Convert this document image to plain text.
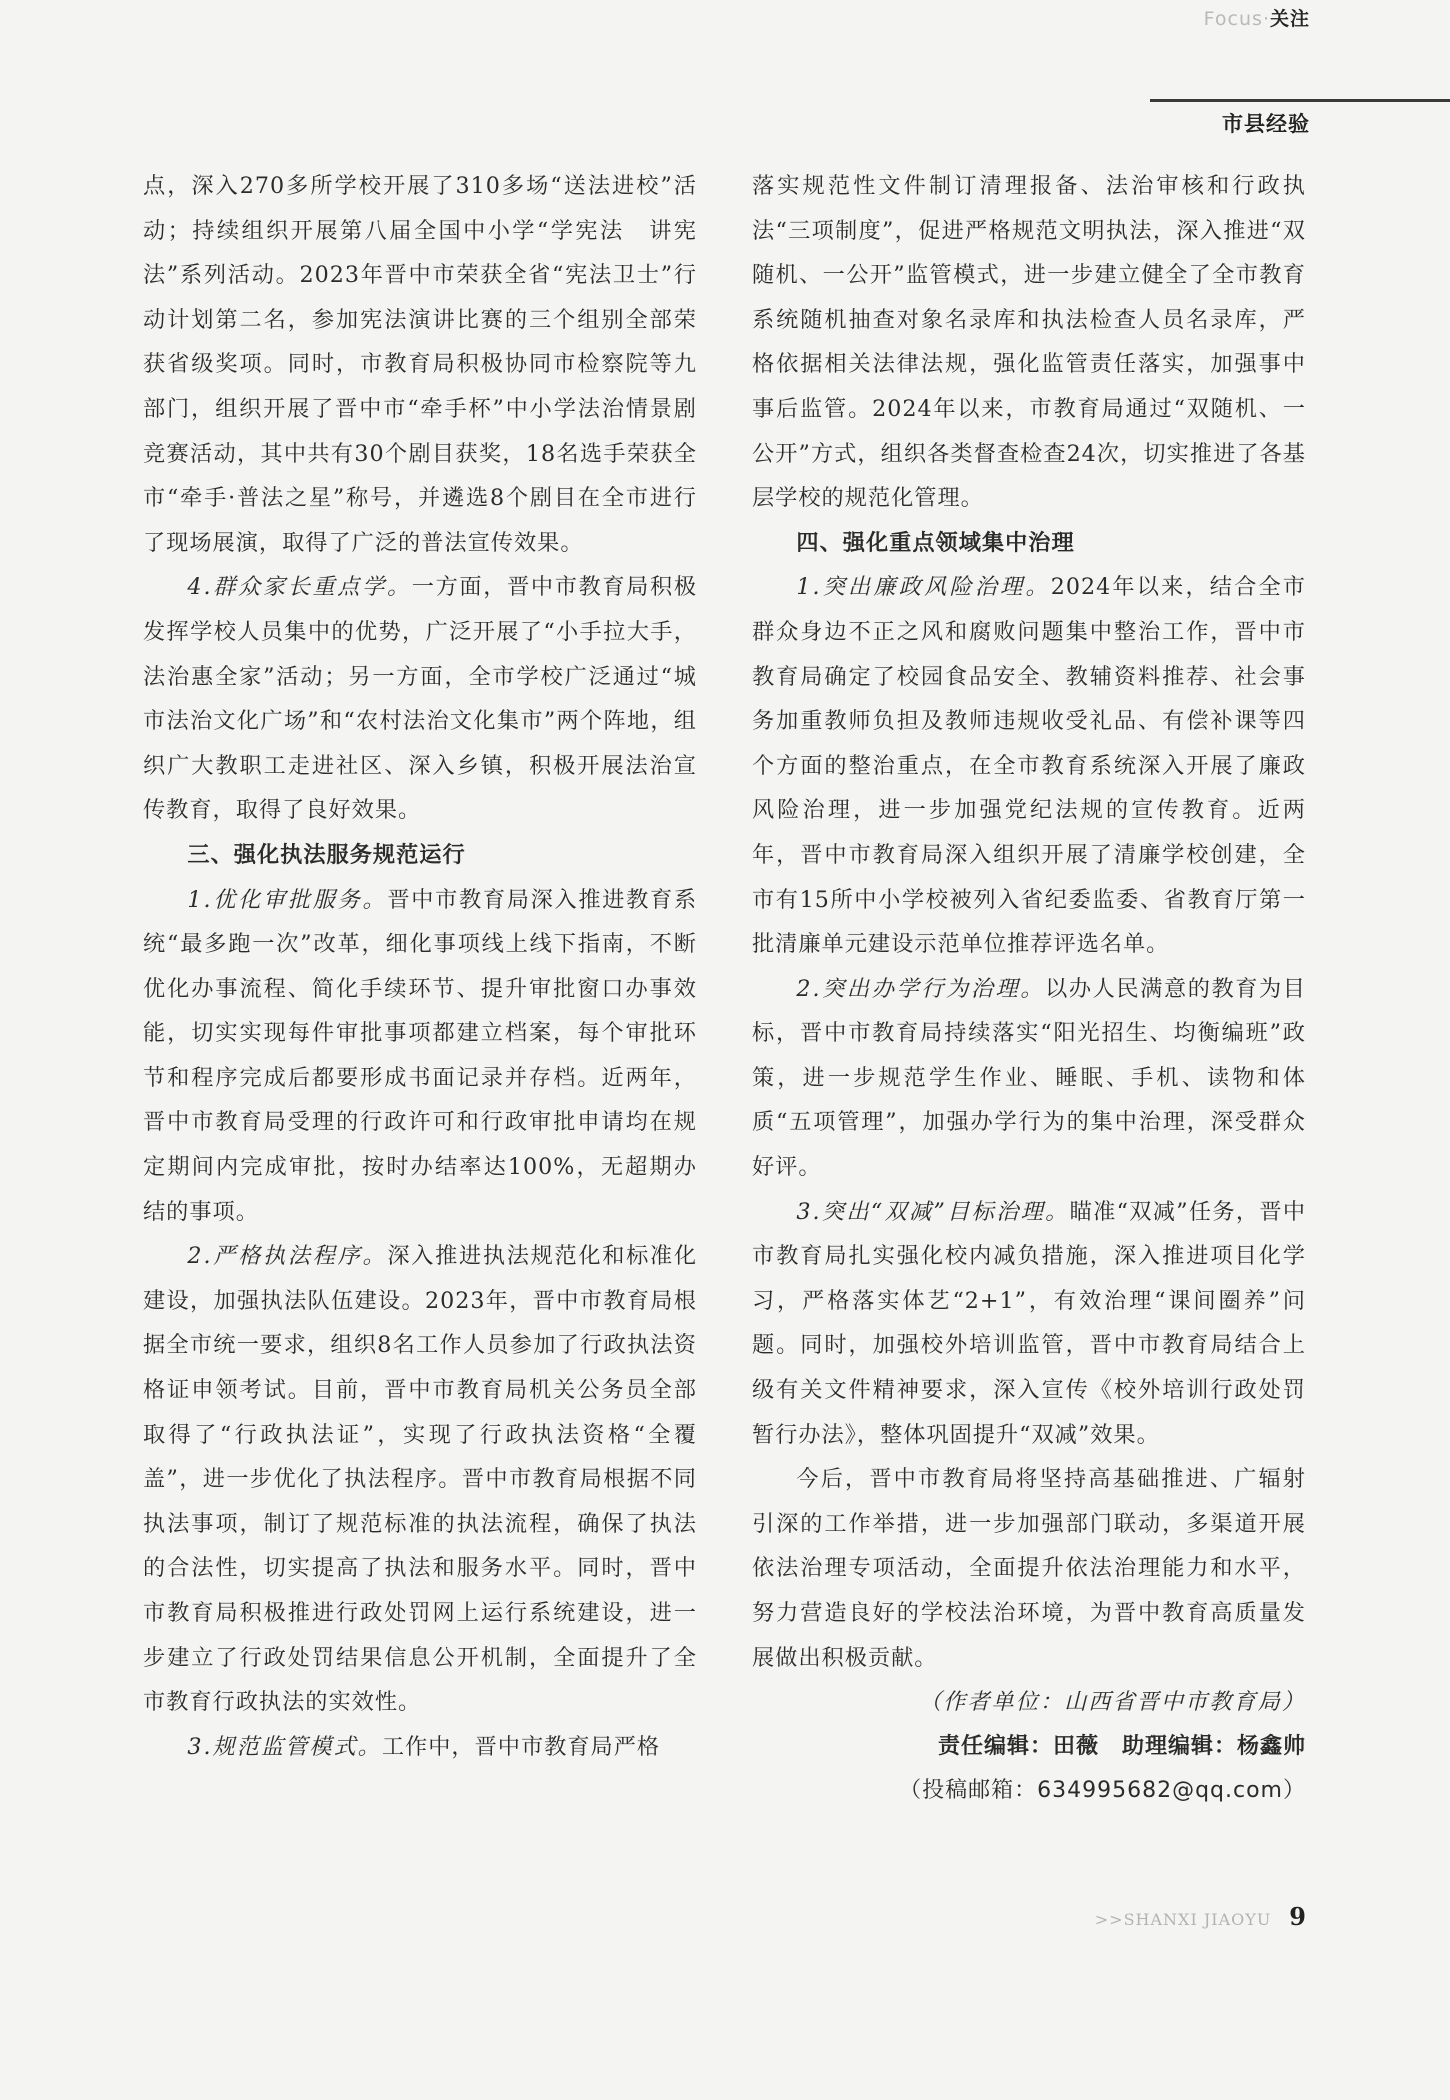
Focus·关注
市县经验

点，深入270多所学校开展了310多场“送法进校”活动；持续组织开展第八届全国中小学“学宪法　讲宪法”系列活动。2023年晋中市荣获全省“宪法卫士”行动计划第二名，参加宪法演讲比赛的三个组别全部荣获省级奖项。同时，市教育局积极协同市检察院等九部门，组织开展了晋中市“牵手杯”中小学法治情景剧竞赛活动，其中共有30个剧目获奖，18名选手荣获全市“牵手·普法之星”称号，并遴选8个剧目在全市进行了现场展演，取得了广泛的普法宣传效果。

4.群众家长重点学。一方面，晋中市教育局积极发挥学校人员集中的优势，广泛开展了“小手拉大手，法治惠全家”活动；另一方面，全市学校广泛通过“城市法治文化广场”和“农村法治文化集市”两个阵地，组织广大教职工走进社区、深入乡镇，积极开展法治宣传教育，取得了良好效果。

三、强化执法服务规范运行

1.优化审批服务。晋中市教育局深入推进教育系统“最多跑一次”改革，细化事项线上线下指南，不断优化办事流程、简化手续环节、提升审批窗口办事效能，切实实现每件审批事项都建立档案，每个审批环节和程序完成后都要形成书面记录并存档。近两年，晋中市教育局受理的行政许可和行政审批申请均在规定期间内完成审批，按时办结率达100%，无超期办结的事项。

2.严格执法程序。深入推进执法规范化和标准化建设，加强执法队伍建设。2023年，晋中市教育局根据全市统一要求，组织8名工作人员参加了行政执法资格证申领考试。目前，晋中市教育局机关公务员全部取得了“行政执法证”，实现了行政执法资格“全覆盖”，进一步优化了执法程序。晋中市教育局根据不同执法事项，制订了规范标准的执法流程，确保了执法的合法性，切实提高了执法和服务水平。同时，晋中市教育局积极推进行政处罚网上运行系统建设，进一步建立了行政处罚结果信息公开机制，全面提升了全市教育行政执法的实效性。

3.规范监管模式。工作中，晋中市教育局严格

落实规范性文件制订清理报备、法治审核和行政执法“三项制度”，促进严格规范文明执法，深入推进“双随机、一公开”监管模式，进一步建立健全了全市教育系统随机抽查对象名录库和执法检查人员名录库，严格依据相关法律法规，强化监管责任落实，加强事中事后监管。2024年以来，市教育局通过“双随机、一公开”方式，组织各类督查检查24次，切实推进了各基层学校的规范化管理。

四、强化重点领域集中治理

1.突出廉政风险治理。2024年以来，结合全市群众身边不正之风和腐败问题集中整治工作，晋中市教育局确定了校园食品安全、教辅资料推荐、社会事务加重教师负担及教师违规收受礼品、有偿补课等四个方面的整治重点，在全市教育系统深入开展了廉政风险治理，进一步加强党纪法规的宣传教育。近两年，晋中市教育局深入组织开展了清廉学校创建，全市有15所中小学校被列入省纪委监委、省教育厅第一批清廉单元建设示范单位推荐评选名单。

2.突出办学行为治理。以办人民满意的教育为目标，晋中市教育局持续落实“阳光招生、均衡编班”政策，进一步规范学生作业、睡眠、手机、读物和体质“五项管理”，加强办学行为的集中治理，深受群众好评。

3.突出“双减”目标治理。瞄准“双减”任务，晋中市教育局扎实强化校内减负措施，深入推进项目化学习，严格落实体艺“2+1”，有效治理“课间圈养”问题。同时，加强校外培训监管，晋中市教育局结合上级有关文件精神要求，深入宣传《校外培训行政处罚暂行办法》，整体巩固提升“双减”效果。

今后，晋中市教育局将坚持高基础推进、广辐射引深的工作举措，进一步加强部门联动，多渠道开展依法治理专项活动，全面提升依法治理能力和水平，努力营造良好的学校法治环境，为晋中教育高质量发展做出积极贡献。

（作者单位：山西省晋中市教育局）

责任编辑：田薇　助理编辑：杨鑫帅

（投稿邮箱：634995682@qq.com）

>>SHANXI JIAOYU 9
